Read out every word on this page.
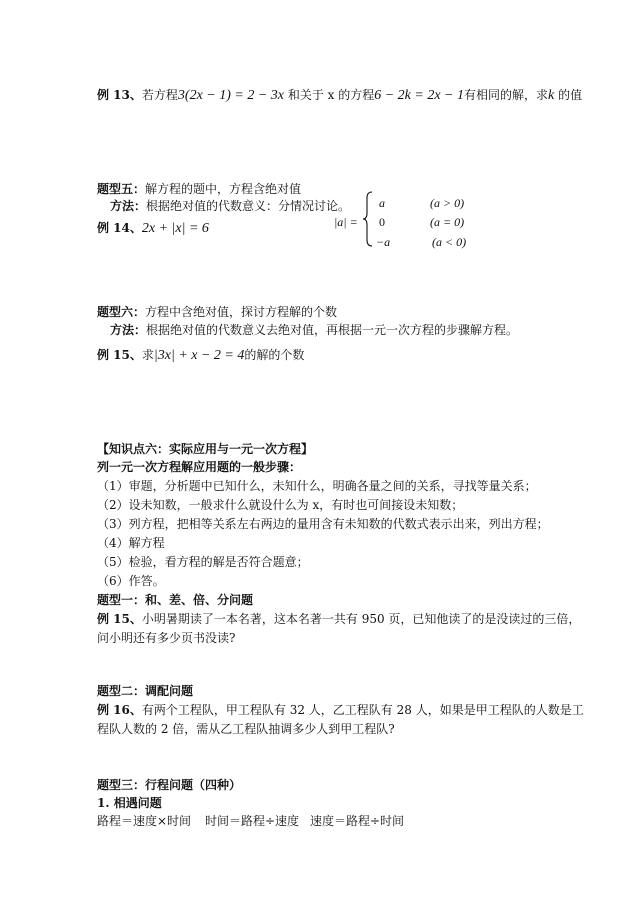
例 13、若方程3(2x − 1) = 2 − 3x 和关于 x 的方程6 − 2k = 2x − 1有相同的解，求k 的值
题型五：解方程的题中，方程含绝对值
方法：根据绝对值的代数意义：分情况讨论。
例 14、2x + |x| = 6	|a| =
a	(a > 0)
0	(a = 0)
−a	(a < 0)
题型六：方程中含绝对值，探讨方程解的个数
方法：根据绝对值的代数意义去绝对值，再根据一元一次方程的步骤解方程。
例 15、求|3x| + x − 2 = 4的解的个数
【知识点六：实际应用与一元一次方程】
列一元一次方程解应用题的一般步骤：
（1）审题，分析题中已知什么，未知什么，明确各量之间的关系，寻找等量关系；
（2）设未知数，一般求什么就设什么为 x，有时也可间接设未知数；
（3）列方程，把相等关系左右两边的量用含有未知数的代数式表示出来，列出方程；
（4）解方程
（5）检验，看方程的解是否符合题意；
（6）作答。
题型一：和、差、倍、分问题
例 15、小明暑期读了一本名著，这本名著一共有 950 页，已知他读了的是没读过的三倍，
问小明还有多少页书没读?
题型二：调配问题
例 16、有两个工程队，甲工程队有 32 人，乙工程队有 28 人，如果是甲工程队的人数是工
程队人数的 2 倍，需从乙工程队抽调多少人到甲工程队?
题型三：行程问题（四种）
1. 相遇问题
路程＝速度×时间 时间＝路程÷速度 速度＝路程÷时间
